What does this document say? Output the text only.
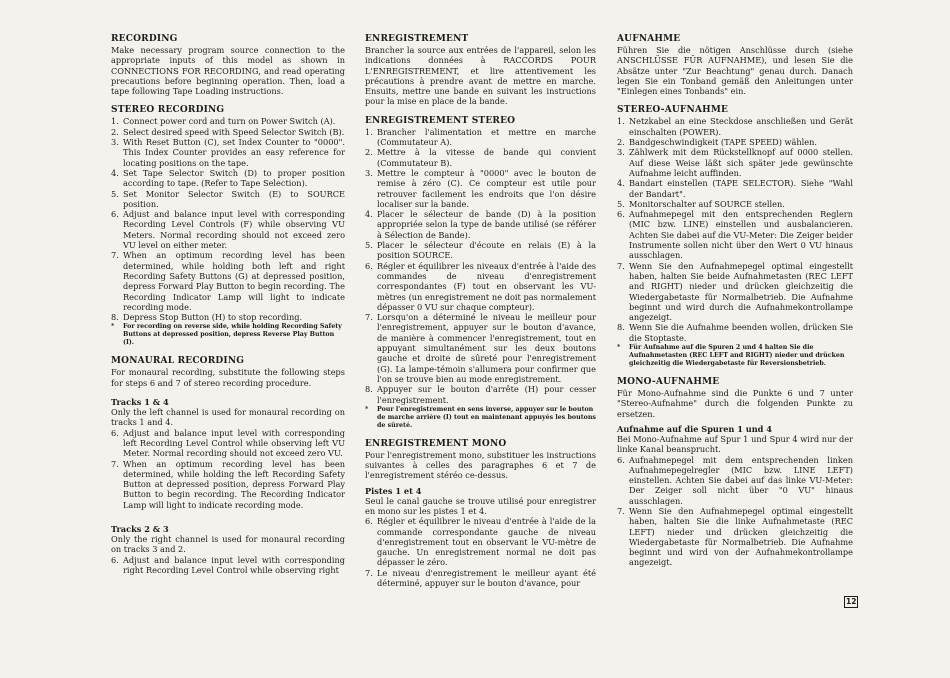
RECORDING

Make necessary program source connection to the appropriate inputs of this model as shown in CONNECTIONS FOR RECORDING, and read operating precautions before beginning operation. Then, load a tape following Tape Loading instructions.

STEREO RECORDING
1. Connect power cord and turn on Power Switch (A).
2. Select desired speed with Speed Selector Switch (B).
3. With Reset Button (C), set Index Counter to "0000". This Index Counter provides an easy reference for locating positions on the tape.
4. Set Tape Selector Switch (D) to proper position according to tape. (Refer to Tape Selection).
5. Set Monitor Selector Switch (E) to SOURCE position.
6. Adjust and balance input level with corresponding Recording Level Controls (F) while observing VU Meters. Normal recording should not exceed zero VU level on either meter.
7. When an optimum recording level has been determined, while holding both left and right Recording Safety Buttons (G) at depressed position, depress Forward Play Button to begin recording. The Recording Indicator Lamp will light to indicate recording mode.
8. Depress Stop Button (H) to stop recording.
*	For recording on reverse side, while holding Recording Safety Buttons at depressed position, depress Reverse Play Button (I).
MONAURAL RECORDING

For monaural recording, substitute the following steps for steps 6 and 7 of stereo recording procedure.

Tracks 1 & 4

Only the left channel is used for monaural recording on tracks 1 and 4.

6. Adjust and balance input level with corresponding left Recording Level Control while observing left VU Meter. Normal recording should not exceed zero VU.
7. When an optimum recording level has been determined, while holding the left Recording Safety Button at depressed position, depress Forward Play Button to begin recording. The Recording Indicator Lamp will light to indicate recording mode.
Tracks 2 & 3

Only the right channel is used for monaural recording on tracks 3 and 2.

6. Adjust and balance input level with corresponding right Recording Level Control while observing right
ENREGISTREMENT

Brancher la source aux entrées de l'appareil, selon les indications données à RACCORDS POUR L'ENREGISTREMENT, et lire attentivement les précautions à prendre avant de mettre en marche. Ensuits, mettre une bande en suivant les instructions pour la mise en place de la bande.

ENREGISTREMENT STEREO
1. Brancher l'alimentation et mettre en marche (Commutateur A).
2. Mettre à la vitesse de bande qui convient (Commutateur B).
3. Mettre le compteur à "0000" avec le bouton de remise à zéro (C). Ce compteur est utile pour retrouver facilement les endroits que l'on désire localiser sur la bande.
4. Placer le sélecteur de bande (D) à la position appropriée selon la type de bande utilisé (se référer à Sélection de Bande).
5. Placer le sélecteur d'écoute en relais (E) à la position SOURCE.
6. Régler et équilibrer les niveaux d'entrée à l'aide des commandes de niveau d'enregistrement correspondantes (F) tout en observant les VU-mètres (un enregistrement ne doit pas normalement dépasser 0 VU sur chaque compteur).
7. Lorsqu'on a déterminé le niveau le meilleur pour l'enregistrement, appuyer sur le bouton d'avance, de manière à commencer l'enregistrement, tout en appuyant simultanément sur les deux boutons gauche et droite de sûreté pour l'enregistrement (G). La lampe-témoin s'allumera pour confirmer que l'on se trouve bien au mode enregistrement.
8. Appuyer sur le bouton d'arrête (H) pour cesser l'enregistrement.
*	Pour l'enregistrement en sens inverse, appuyer sur le bouton de marche arrière (I) tout en maintenant appuyés les boutons de sûreté.
ENREGISTREMENT MONO

Pour l'enregistrement mono, substituer les instructions suivantes à celles des paragraphes 6 et 7 de l'enregistrement stéréo ce-dessus.

Pistes 1 et 4

Seul le canal gauche se trouve utilisé pour enregistrer en mono sur les pistes 1 et 4.

6. Régler et équilibrer le niveau d'entrée à l'aide de la commande correspondante gauche de niveau d'enregistrement tout en observant le VU-mètre de gauche. Un enregistrement normal ne doit pas dépasser le zéro.
7. Le niveau d'enregistrement le meilleur ayant été déterminé, appuyer sur le bouton d'avance, pour
AUFNAHME

Führen Sie die nötigen Anschlüsse durch (siehe ANSCHLÜSSE FÜR AUFNAHME), und lesen Sie die Absätze unter "Zur Beachtung" genau durch. Danach legen Sie ein Tonband gemäß den Anleitungen unter "Einlegen eines Tonbands" ein.

STEREO-AUFNAHME
1. Netzkabel an eine Steckdose anschließen und Gerät einschalten (POWER).
2. Bandgeschwindigkeit (TAPE SPEED) wählen.
3. Zählwerk mit dem Rückstellknopf auf 0000 stellen. Auf diese Weise läßt sich später jede gewünschte Aufnahme leicht auffinden.
4. Bandart einstellen (TAPE SELECTOR). Siehe "Wahl der Bandart".
5. Monitorschalter auf SOURCE stellen.
6. Aufnahmepegel mit den entsprechenden Reglern (MIC bzw. LINE) einstellen und ausbalancieren. Achten Sie dabei auf die VU-Meter: Die Zeiger beider Instrumente sollen nicht über den Wert 0 VU hinaus ausschlagen.
7. Wenn Sie den Aufnahmepegel optimal eingestellt haben, halten Sie beide Aufnahmetasten (REC LEFT and RIGHT) nieder und drücken gleichzeitig die Wiedergabetaste für Normalbetrieb. Die Aufnahme beginnt und wird durch die Aufnahmekontrollampe angezeigt.
8. Wenn Sie die Aufnahme beenden wollen, drücken Sie die Stoptaste.
*	Für Aufnahme auf die Spuren 2 und 4 halten Sie die Aufnahmetasten (REC LEFT and RIGHT) nieder und drücken gleichzeitig die Wiedergabetaste für Reversionsbetrieb.
MONO-AUFNAHME

Für Mono-Aufnahme sind die Punkte 6 und 7 unter "Stereo-Aufnahme" durch die folgenden Punkte zu ersetzen.

Aufnahme auf die Spuren 1 und 4

Bei Mono-Aufnahme auf Spur 1 und Spur 4 wird nur der linke Kanal beansprucht.

6. Aufnahmepegel mit dem entsprechenden linken Aufnahmepegelregler (MIC bzw. LINE LEFT) einstellen. Achten Sie dabei auf das linke VU-Meter: Der Zeiger soll nicht über "0 VU" hinaus ausschlagen.
7. Wenn Sie den Aufnahmepegel optimal eingestellt haben, halten Sie die linke Aufnahmetaste (REC LEFT) nieder und drücken gleichzeitig die Wiedergabetaste für Normalbetrieb. Die Aufnahme beginnt und wird von der Aufnahmekontrollampe angezeigt.
12
